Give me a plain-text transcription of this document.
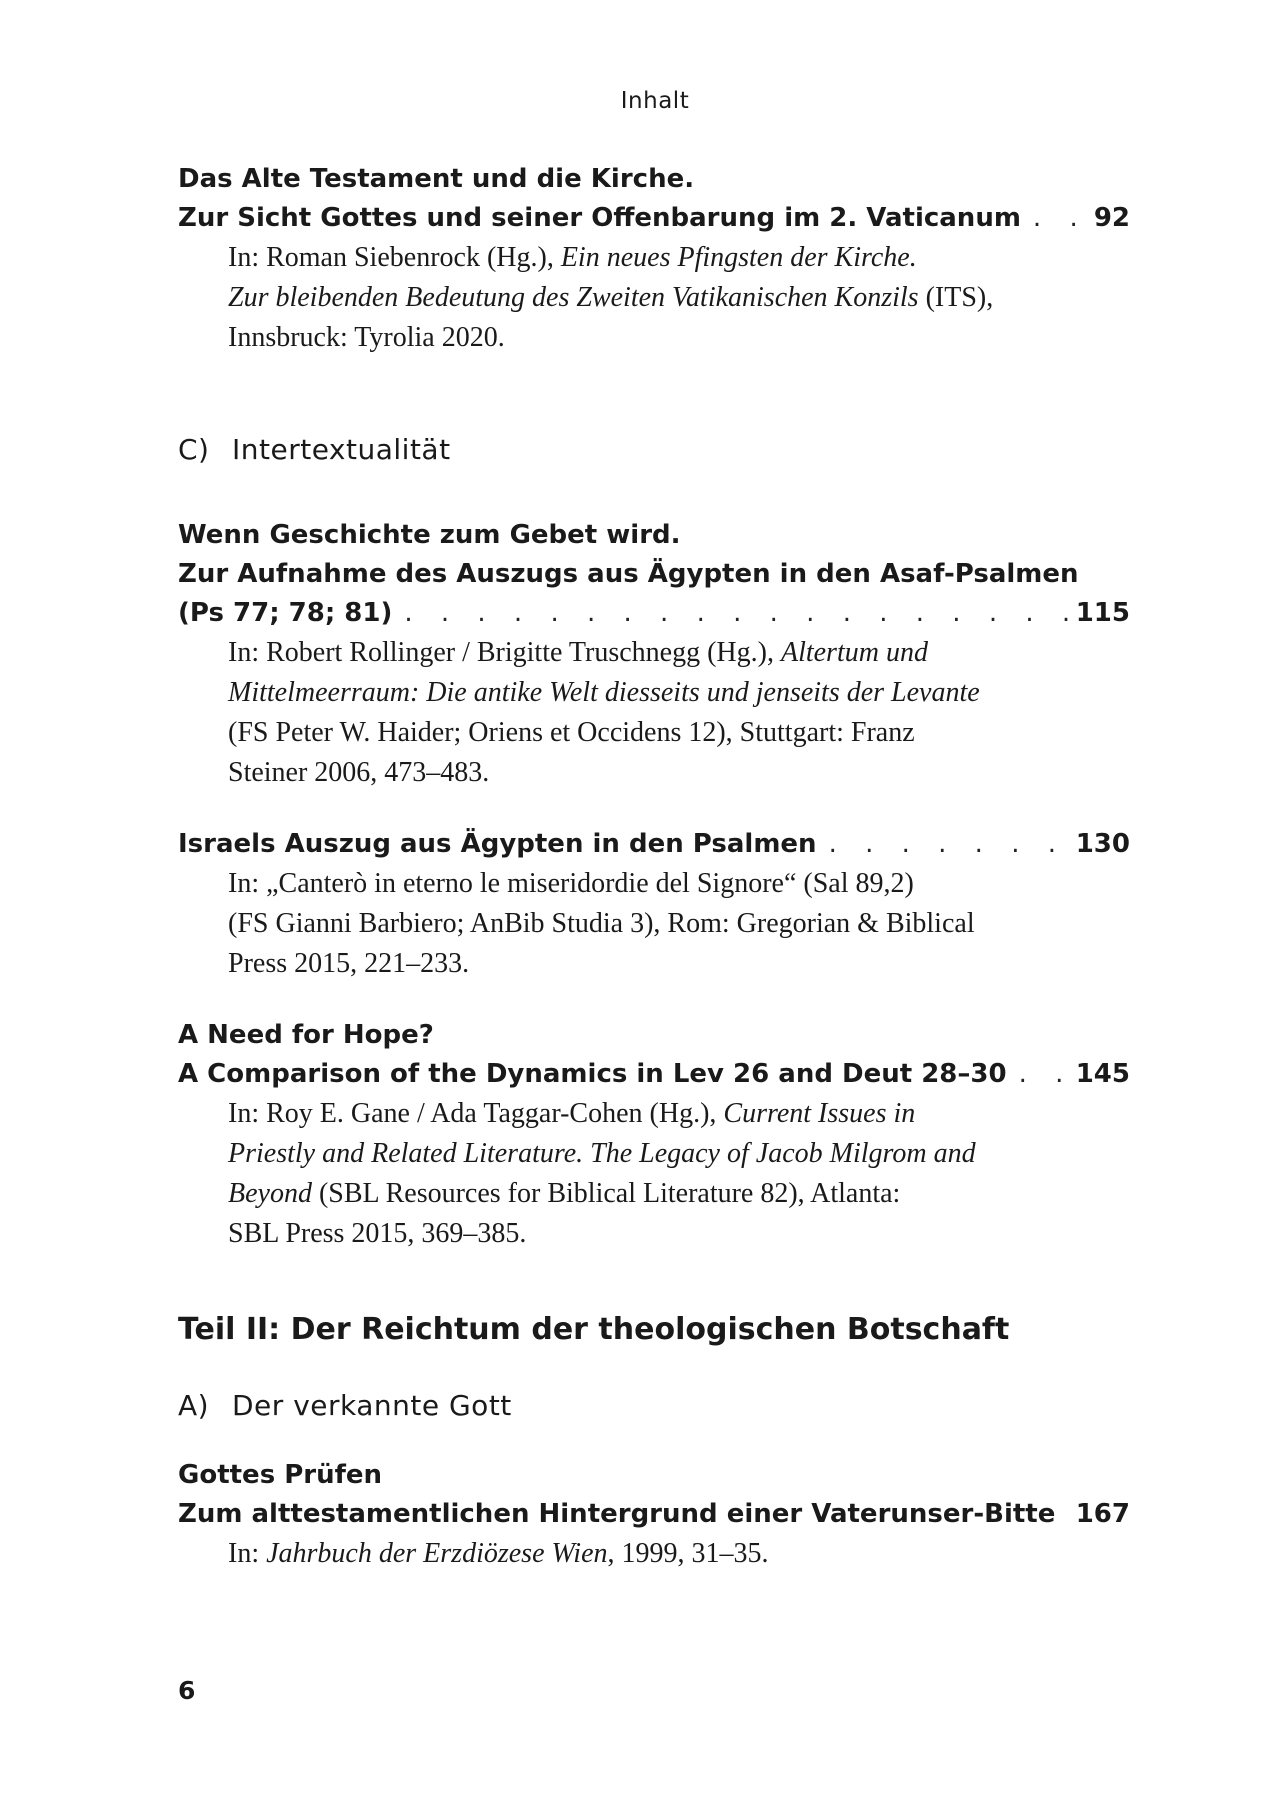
Inhalt
Das Alte Testament und die Kirche.
Zur Sicht Gottes und seiner Offenbarung im 2. Vaticanum . . .	92
In: Roman Siebenrock (Hg.), Ein neues Pfingsten der Kirche.
Zur bleibenden Bedeutung des Zweiten Vatikanischen Konzils (ITS),
Innsbruck: Tyrolia 2020.
C) Intertextualität
Wenn Geschichte zum Gebet wird.
Zur Aufnahme des Auszugs aus Ägypten in den Asaf-Psalmen
(Ps 77; 78; 81) . . .	115
In: Robert Rollinger / Brigitte Truschnegg (Hg.), Altertum und
Mittelmeerraum: Die antike Welt diesseits und jenseits der Levante
(FS Peter W. Haider; Oriens et Occidens 12), Stuttgart: Franz
Steiner 2006, 473–483.
Israels Auszug aus Ägypten in den Psalmen . . .	130
In: „Canterò in eterno le miseridordie del Signore“ (Sal 89,2)
(FS Gianni Barbiero; AnBib Studia 3), Rom: Gregorian & Biblical
Press 2015, 221–233.
A Need for Hope?
A Comparison of the Dynamics in Lev 26 and Deut 28–30 . . .	145
In: Roy E. Gane / Ada Taggar-Cohen (Hg.), Current Issues in
Priestly and Related Literature. The Legacy of Jacob Milgrom and
Beyond (SBL Resources for Biblical Literature 82), Atlanta:
SBL Press 2015, 369–385.
Teil II: Der Reichtum der theologischen Botschaft
A) Der verkannte Gott
Gottes Prüfen
Zum alttestamentlichen Hintergrund einer Vaterunser-Bitte . . . 167
In: Jahrbuch der Erzdiözese Wien, 1999, 31–35.
6
